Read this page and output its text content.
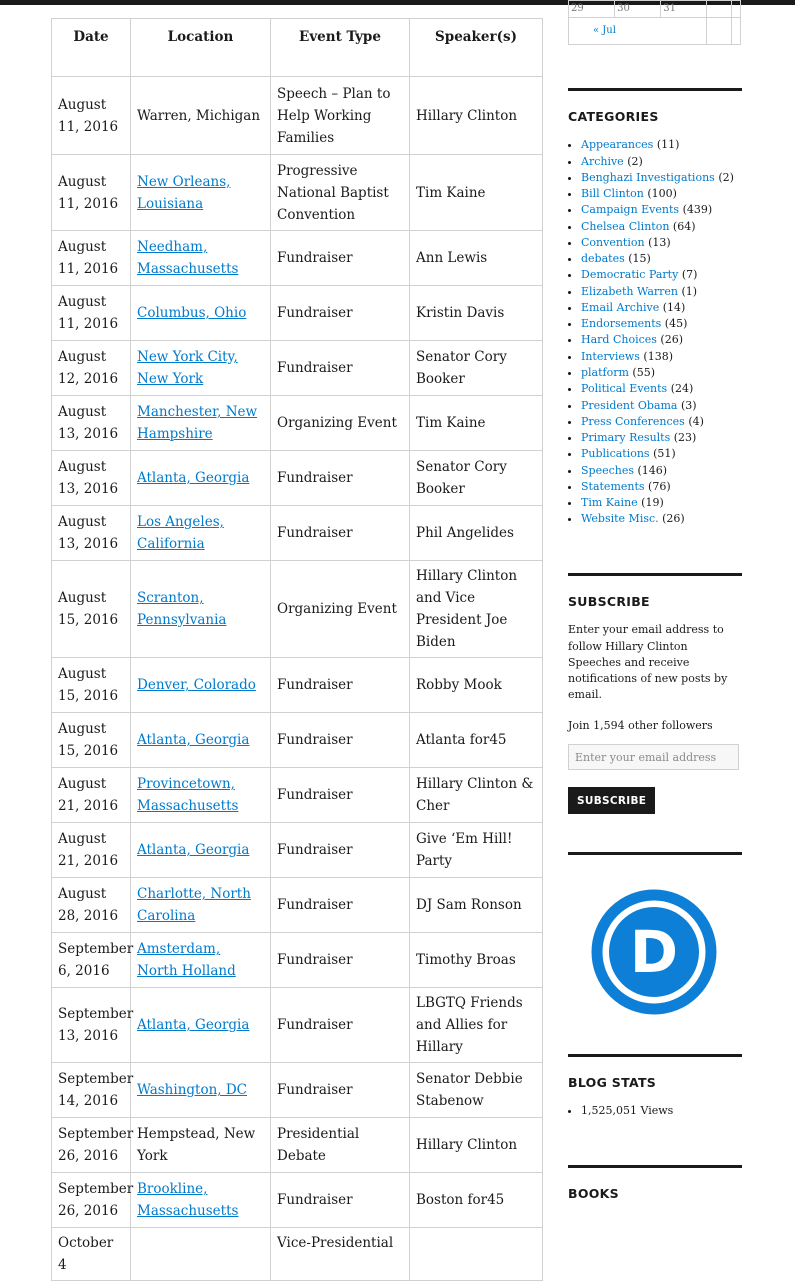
Date	Location	Event Type	Speaker(s)
August 11, 2016	Warren, Michigan	Speech – Plan to Help Working Families	Hillary Clinton
August 11, 2016	New Orleans, Louisiana	Progressive National Baptist Convention	Tim Kaine
August 11, 2016	Needham, Massachusetts	Fundraiser	Ann Lewis
August 11, 2016	Columbus, Ohio	Fundraiser	Kristin Davis
August 12, 2016	New York City, New York	Fundraiser	Senator Cory Booker
August 13, 2016	Manchester, New Hampshire	Organizing Event	Tim Kaine
August 13, 2016	Atlanta, Georgia	Fundraiser	Senator Cory Booker
August 13, 2016	Los Angeles, California	Fundraiser	Phil Angelides
August 15, 2016	Scranton, Pennsylvania	Organizing Event	Hillary Clinton and Vice President Joe Biden
August 15, 2016	Denver, Colorado	Fundraiser	Robby Mook
August 15, 2016	Atlanta, Georgia	Fundraiser	Atlanta for45
August 21, 2016	Provincetown, Massachusetts	Fundraiser	Hillary Clinton & Cher
August 21, 2016	Atlanta, Georgia	Fundraiser	Give ‘Em Hill! Party
August 28, 2016	Charlotte, North Carolina	Fundraiser	DJ Sam Ronson
September 6, 2016	Amsterdam, North Holland	Fundraiser	Timothy Broas
September 13, 2016	Atlanta, Georgia	Fundraiser	LBGTQ Friends and Allies for Hillary
September 14, 2016	Washington, DC	Fundraiser	Senator Debbie Stabenow
September 26, 2016	Hempstead, New York	Presidential Debate	Hillary Clinton
September 26, 2016	Brookline, Massachusetts	Fundraiser	Boston for45
October 4		Vice-Presidential	
29	30	31		
« Jul				
CATEGORIES
• Appearances (11)
• Archive (2)
• Benghazi Investigations (2)
• Bill Clinton (100)
• Campaign Events (439)
• Chelsea Clinton (64)
• Convention (13)
• debates (15)
• Democratic Party (7)
• Elizabeth Warren (1)
• Email Archive (14)
• Endorsements (45)
• Hard Choices (26)
• Interviews (138)
• platform (55)
• Political Events (24)
• President Obama (3)
• Press Conferences (4)
• Primary Results (23)
• Publications (51)
• Speeches (146)
• Statements (76)
• Tim Kaine (19)
• Website Misc. (26)
SUBSCRIBE

Enter your email address to follow Hillary Clinton Speeches and receive notifications of new posts by email.

Join 1,594 other followers

Enter your email address SUBSCRIBE
D
BLOG STATS
• 1,525,051 Views
BOOKS
